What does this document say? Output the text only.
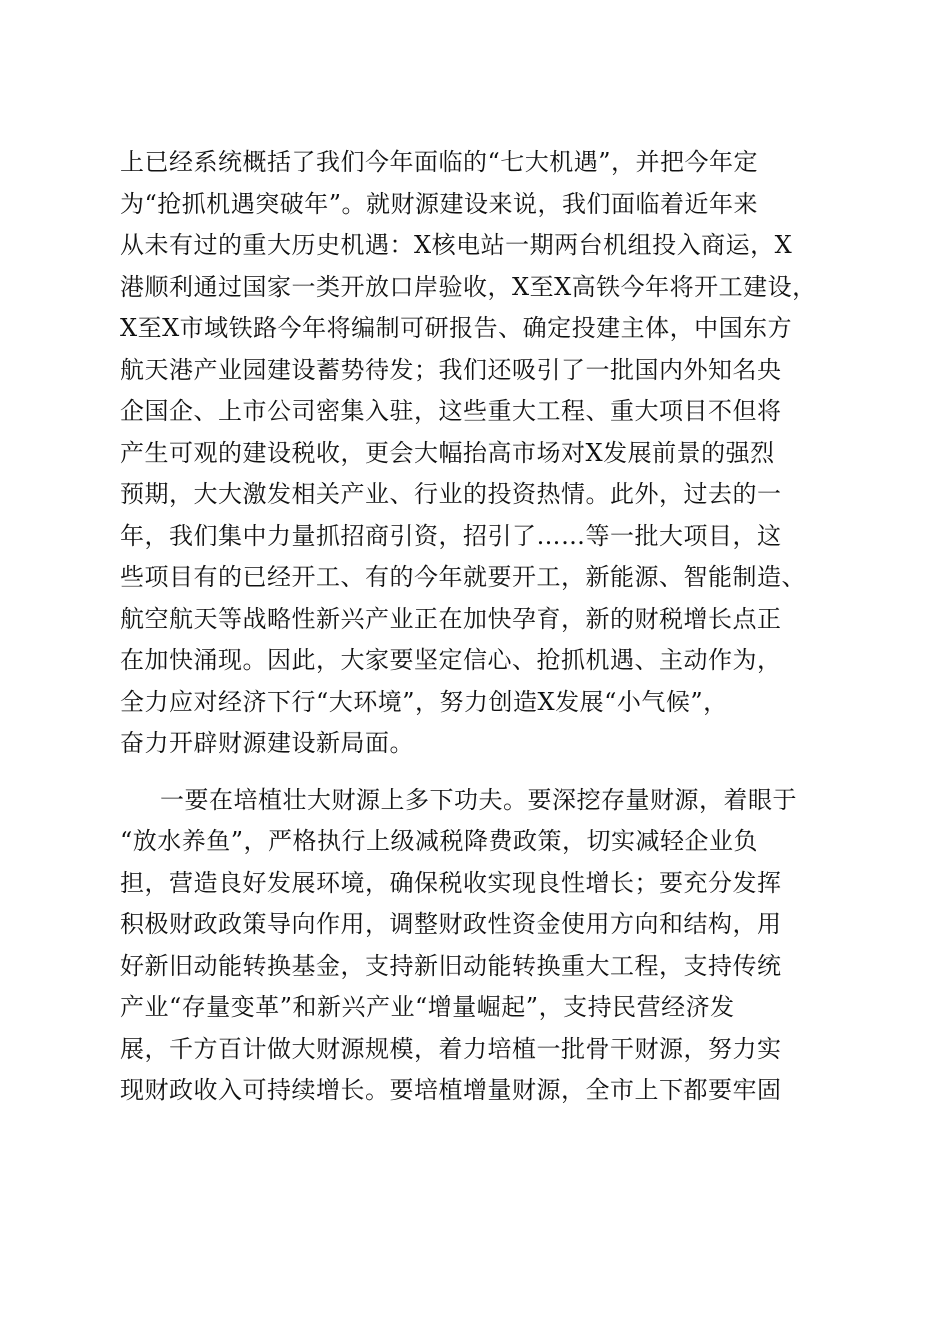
上已经系统概括了我们今年面临的“七大机遇”，并把今年定
为“抢抓机遇突破年”。就财源建设来说，我们面临着近年来
从未有过的重大历史机遇：X核电站一期两台机组投入商运，X
港顺利通过国家一类开放口岸验收，X至X高铁今年将开工建设，
X至X市域铁路今年将编制可研报告、确定投建主体，中国东方
航天港产业园建设蓄势待发；我们还吸引了一批国内外知名央
企国企、上市公司密集入驻，这些重大工程、重大项目不但将
产生可观的建设税收，更会大幅抬高市场对X发展前景的强烈
预期，大大激发相关产业、行业的投资热情。此外，过去的一
年，我们集中力量抓招商引资，招引了……等一批大项目，这
些项目有的已经开工、有的今年就要开工，新能源、智能制造、
航空航天等战略性新兴产业正在加快孕育，新的财税增长点正
在加快涌现。因此，大家要坚定信心、抢抓机遇、主动作为，
全力应对经济下行“大环境”，努力创造X发展“小气候”，
奋力开辟财源建设新局面。
一要在培植壮大财源上多下功夫。要深挖存量财源，着眼于
“放水养鱼”，严格执行上级减税降费政策，切实减轻企业负
担，营造良好发展环境，确保税收实现良性增长；要充分发挥
积极财政政策导向作用，调整财政性资金使用方向和结构，用
好新旧动能转换基金，支持新旧动能转换重大工程，支持传统
产业“存量变革”和新兴产业“增量崛起”，支持民营经济发
展，千方百计做大财源规模，着力培植一批骨干财源，努力实
现财政收入可持续增长。要培植增量财源，全市上下都要牢固
